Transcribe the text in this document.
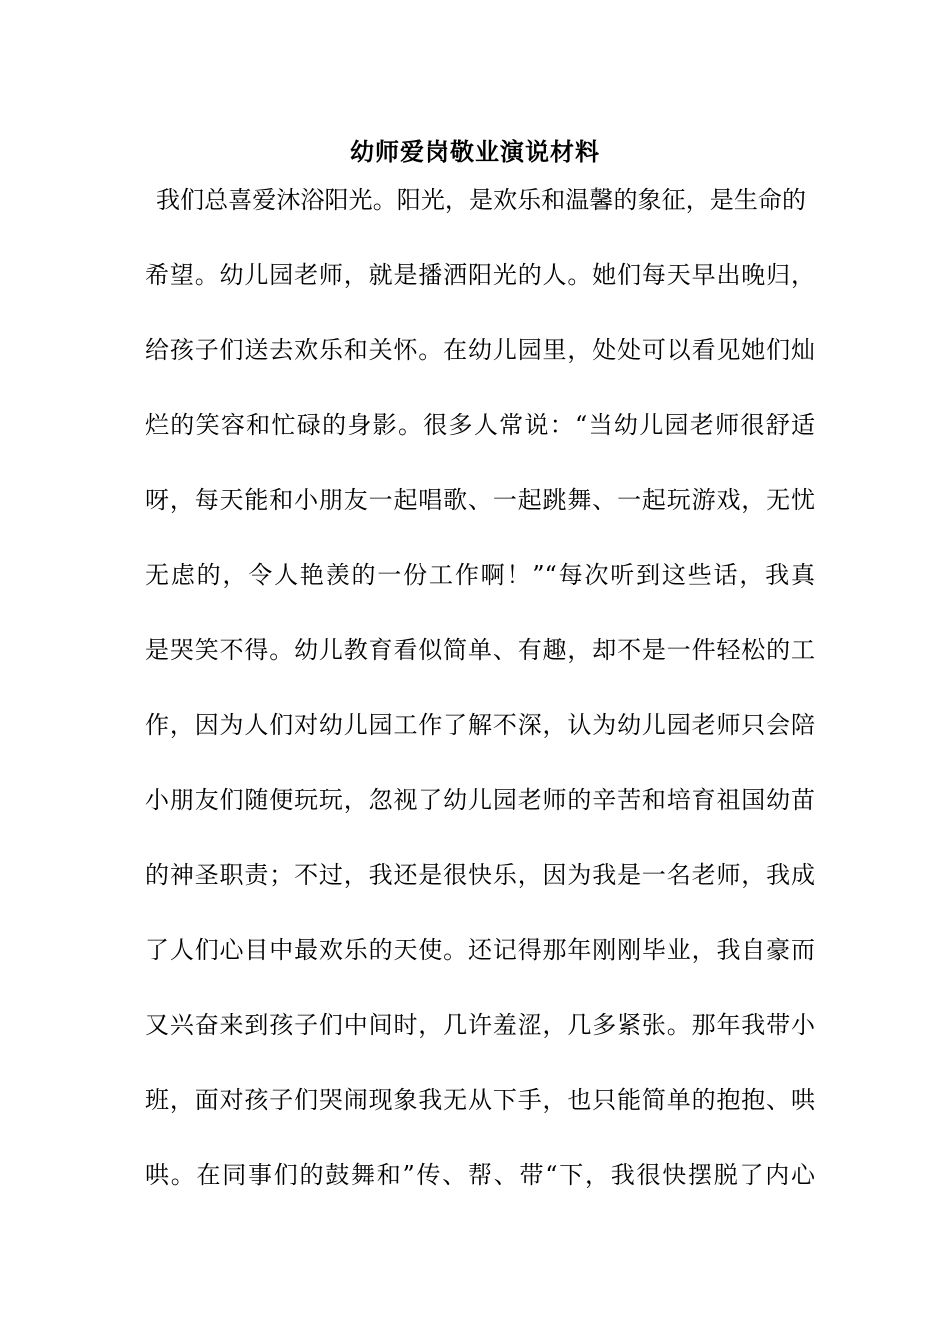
幼师爱岗敬业演说材料
我们总喜爱沐浴阳光。阳光，是欢乐和温馨的象征，是生命的
希望。幼儿园老师，就是播洒阳光的人。她们每天早出晚归，
给孩子们送去欢乐和关怀。在幼儿园里，处处可以看见她们灿
烂的笑容和忙碌的身影。很多人常说：“当幼儿园老师很舒适
呀，每天能和小朋友一起唱歌、一起跳舞、一起玩游戏，无忧
无虑的，令人艳羡的一份工作啊！”“每次听到这些话，我真
是哭笑不得。幼儿教育看似简单、有趣，却不是一件轻松的工
作，因为人们对幼儿园工作了解不深，认为幼儿园老师只会陪
小朋友们随便玩玩，忽视了幼儿园老师的辛苦和培育祖国幼苗
的神圣职责；不过，我还是很快乐，因为我是一名老师，我成
了人们心目中最欢乐的天使。还记得那年刚刚毕业，我自豪而
又兴奋来到孩子们中间时，几许羞涩，几多紧张。那年我带小
班，面对孩子们哭闹现象我无从下手，也只能简单的抱抱、哄
哄。在同事们的鼓舞和”传、帮、带“下，我很快摆脱了内心
